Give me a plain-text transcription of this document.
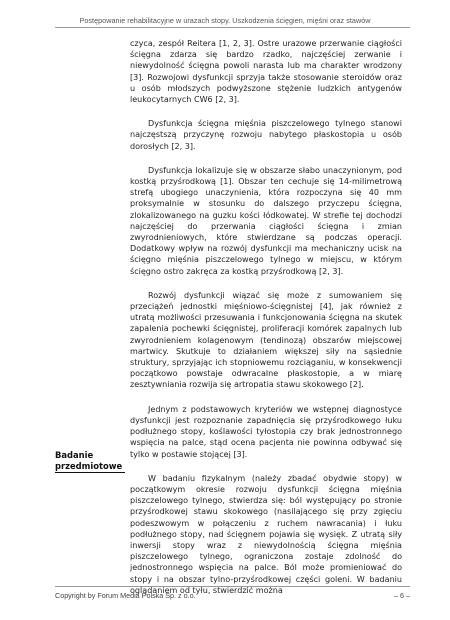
Postępowanie rehabilitacyjne w urazach stopy. Uszkodzenia ścięgien, mięśni oraz stawów
Badanie przedmiotowe

czyca, zespół Reitera [1, 2, 3]. Ostre urazowe przerwanie ciągłości ścięgna zdarza się bardzo rzadko, najczęściej zerwanie i niewydolność ścięgna powoli narasta lub ma charakter wrodzony [3]. Rozwojowi dysfunkcji sprzyja także stosowanie steroidów oraz u osób młodszych podwyższone stężenie ludzkich antygenów leukocytarnych CW6 [2, 3].

Dysfunkcja ścięgna mięśnia piszczelowego tylnego stanowi najczęstszą przyczynę rozwoju nabytego płaskostopia u osób dorosłych [2, 3].

Dysfunkcja lokalizuje się w obszarze słabo unaczynionym, pod kostką przyśrodkową [1]. Obszar ten cechuje się 14-milimetrową strefą ubogiego unaczynienia, która rozpoczyna się 40 mm proksymalnie w stosunku do dalszego przyczepu ścięgna, zlokalizowanego na guzku kości łódkowatej. W strefie tej dochodzi najczęściej do przerwania ciągłości ścięgna i zmian zwyrodnieniowych, które stwierdzane są podczas operacji. Dodatkowy wpływ na rozwój dysfunkcji ma mechaniczny ucisk na ścięgno mięśnia piszczelowego tylnego w miejscu, w którym ścięgno ostro zakręca za kostką przyśrodkową [2, 3].

Rozwój dysfunkcji wiązać się może z sumowaniem się przeciążeń jednostki mięśniowo-ścięgnistej [4], jak również z utratą możliwości przesuwania i funkcjonowania ścięgna na skutek zapalenia pochewki ścięgnistej, proliferacji komórek zapalnych lub zwyrodnieniem kolagenowym (tendinozą) obszarów miejscowej martwicy. Skutkuje to działaniem większej siły na sąsiednie struktury, sprzyjając ich stopniowemu rozciąganiu, w konsekwencji początkowo powstaje odwracalne płaskostopie, a w miarę zesztywniania rozwija się artropatia stawu skokowego [2].

Jednym z podstawowych kryteriów we wstępnej diagnostyce dysfunkcji jest rozpoznanie zapadnięcia się przyśrodkowego łuku podłużnego stopy, koślawości tyłostopia czy brak jednostronnego wspięcia na palce, stąd ocena pacjenta nie powinna odbywać się tylko w postawie stojącej [3].

W badaniu fizykalnym (należy zbadać obydwie stopy) w początkowym okresie rozwoju dysfunkcji ścięgna mięśnia piszczelowego tylnego, stwierdza się: ból występujący po stronie przyśrodkowej stawu skokowego (nasilającego się przy zgięciu podeszwowym w połączeniu z ruchem nawracania) i łuku podłużnego stopy, nad ścięgnem pojawia się wysięk. Z utratą siły inwersji stopy wraz z niewydolnością ścięgna mięśnia piszczelowego tylnego, ograniczona zostaje zdolność do jednostronnego wspięcia na palce. Ból może promieniować do stopy i na obszar tylno-przyśrodkowej części goleni. W badaniu oglądaniem od tyłu, stwierdzić można

Copyright by Forum Media Polska Sp. z o.o.	– 6 –
